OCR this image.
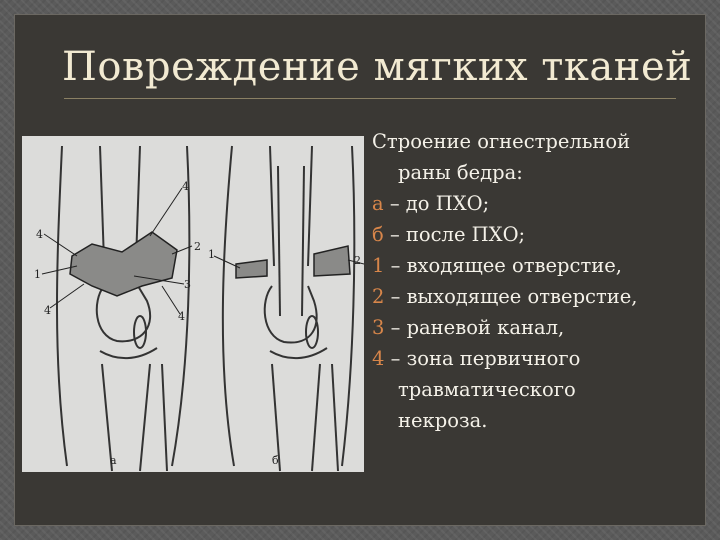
Повреждение мягких тканей
4
4
2
1
3
4	4
1	2
а	б
Строение огнестрельной
раны бедра:
а – до ПХО;
б – после ПХО;
1 – входящее отверстие,
2 – выходящее отверстие,
3 – раневой канал,
4 – зона первичного
травматического
некроза.
